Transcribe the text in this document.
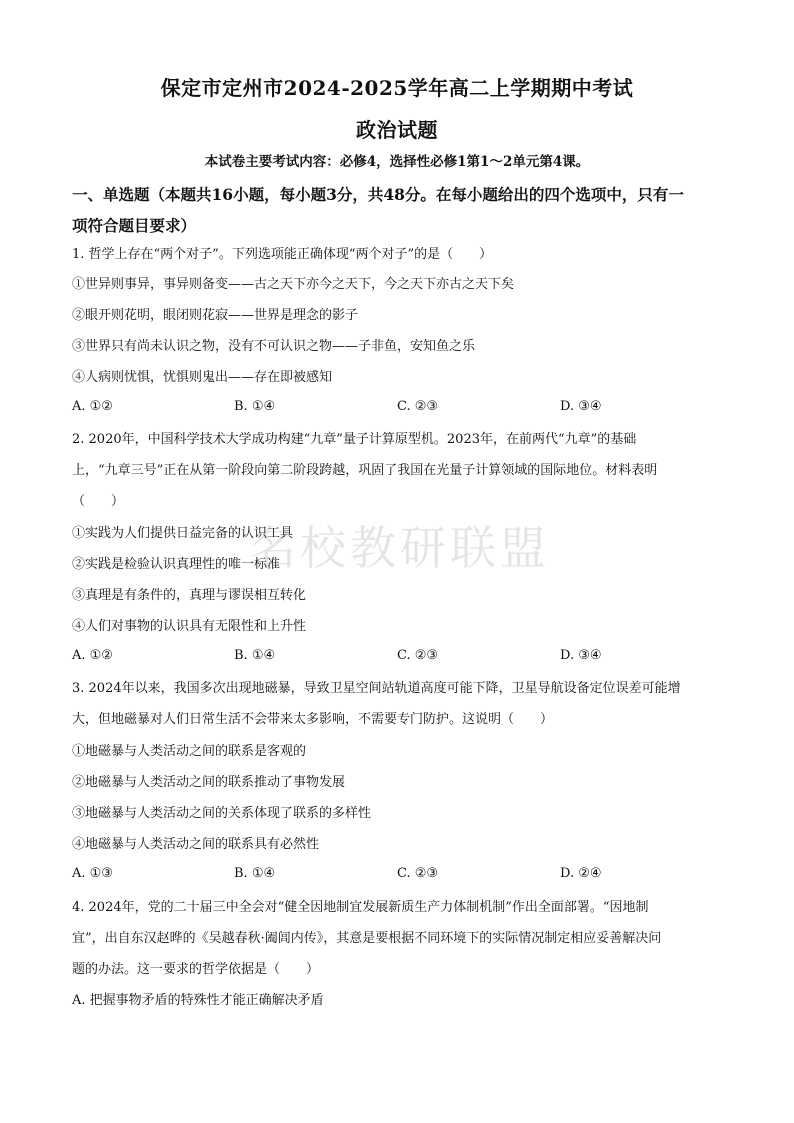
名校教研联盟
保定市定州市2024-2025学年高二上学期期中考试
政治试题
本试卷主要考试内容：必修4，选择性必修1第1～2单元第4课。
一、单选题（本题共16小题，每小题3分，共48分。在每小题给出的四个选项中，只有一
项符合题目要求）
1. 哲学上存在“两个对子”。下列选项能正确体现“两个对子”的是（　　）
①世异则事异，事异则备变——古之天下亦今之天下，今之天下亦古之天下矣
②眼开则花明，眼闭则花寂——世界是理念的影子
③世界只有尚未认识之物，没有不可认识之物——子非鱼，安知鱼之乐
④人病则忧惧，忧惧则鬼出——存在即被感知
A. ①②	B. ①④	C. ②③	D. ③④
2. 2020年，中国科学技术大学成功构建“九章”量子计算原型机。2023年，在前两代“九章”的基础
上，“九章三号”正在从第一阶段向第二阶段跨越，巩固了我国在光量子计算领域的国际地位。材料表明
（　　）
①实践为人们提供日益完备的认识工具
②实践是检验认识真理性的唯一标准
③真理是有条件的，真理与谬误相互转化
④人们对事物的认识具有无限性和上升性
A. ①②	B. ①④	C. ②③	D. ③④
3. 2024年以来，我国多次出现地磁暴，导致卫星空间站轨道高度可能下降，卫星导航设备定位误差可能增
大，但地磁暴对人们日常生活不会带来太多影响，不需要专门防护。这说明（　　）
①地磁暴与人类活动之间的联系是客观的
②地磁暴与人类活动之间的联系推动了事物发展
③地磁暴与人类活动之间的关系体现了联系的多样性
④地磁暴与人类活动之间的联系具有必然性
A. ①③	B. ①④	C. ②③	D. ②④
4. 2024年，党的二十届三中全会对“健全因地制宜发展新质生产力体制机制”作出全面部署。“因地制
宜”，出自东汉赵晔的《吴越春秋·阖闾内传》，其意是要根据不同环境下的实际情况制定相应妥善解决问
题的办法。这一要求的哲学依据是（　　）
A. 把握事物矛盾的特殊性才能正确解决矛盾
